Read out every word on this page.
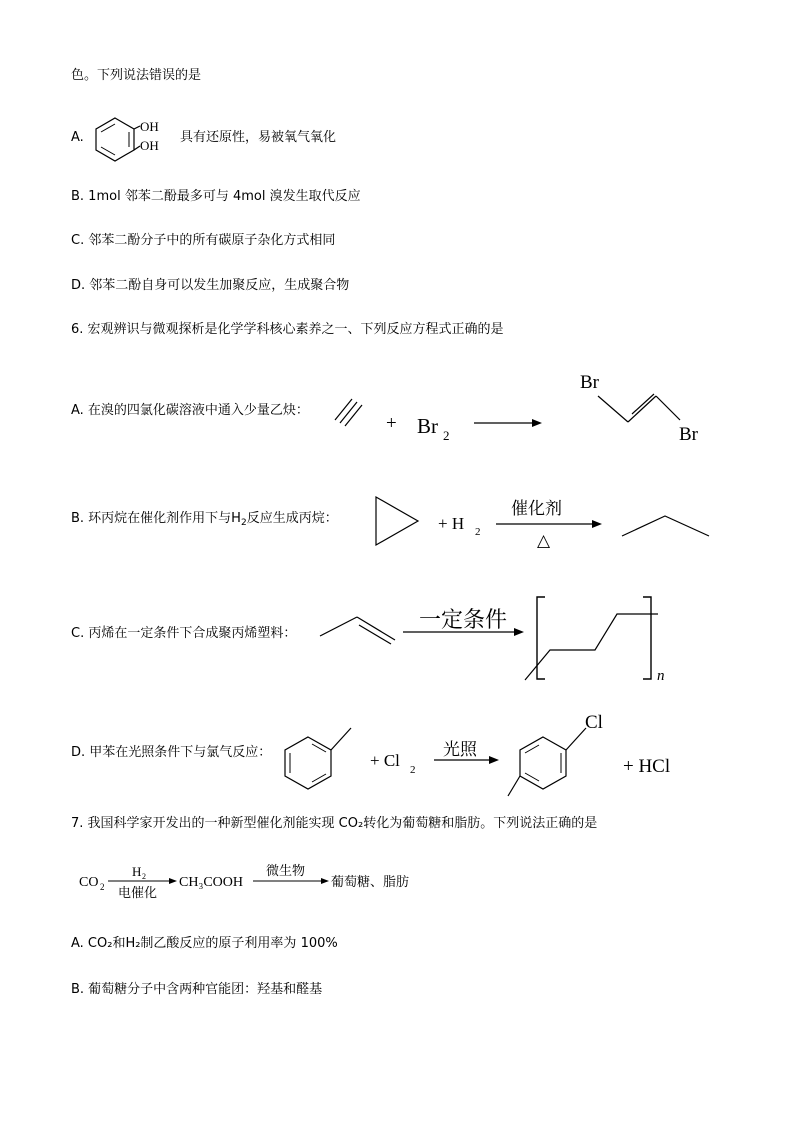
色。下列说法错误的是
A.
OH
OH
具有还原性，易被氧气氧化
B. 1mol 邻苯二酚最多可与 4mol 溴发生取代反应
C. 邻苯二酚分子中的所有碳原子杂化方式相同
D. 邻苯二酚自身可以发生加聚反应，生成聚合物
6. 宏观辨识与微观探析是化学学科核心素养之一、下列反应方程式正确的是
A. 在溴的四氯化碳溶液中通入少量乙炔：
+ Br 2
Br
Br
B. 环丙烷在催化剂作用下与$H_2$反应生成丙烷：	+ H 2
催化剂
△
C. 丙烯在一定条件下合成聚丙烯塑料：
一定条件
n
D. 甲苯在光照条件下与氯气反应：	+ Cl 2
光照
Cl
+ HCl
7. 我国科学家开发出的一种新型催化剂能实现 CO₂转化为葡萄糖和脂肪。下列说法正确的是
CO 2
H 2
电催化
CH₃COOH
微生物
葡萄糖、脂肪
A. CO₂和H₂制乙酸反应的原子利用率为 100%
B. 葡萄糖分子中含两种官能团：羟基和醛基
